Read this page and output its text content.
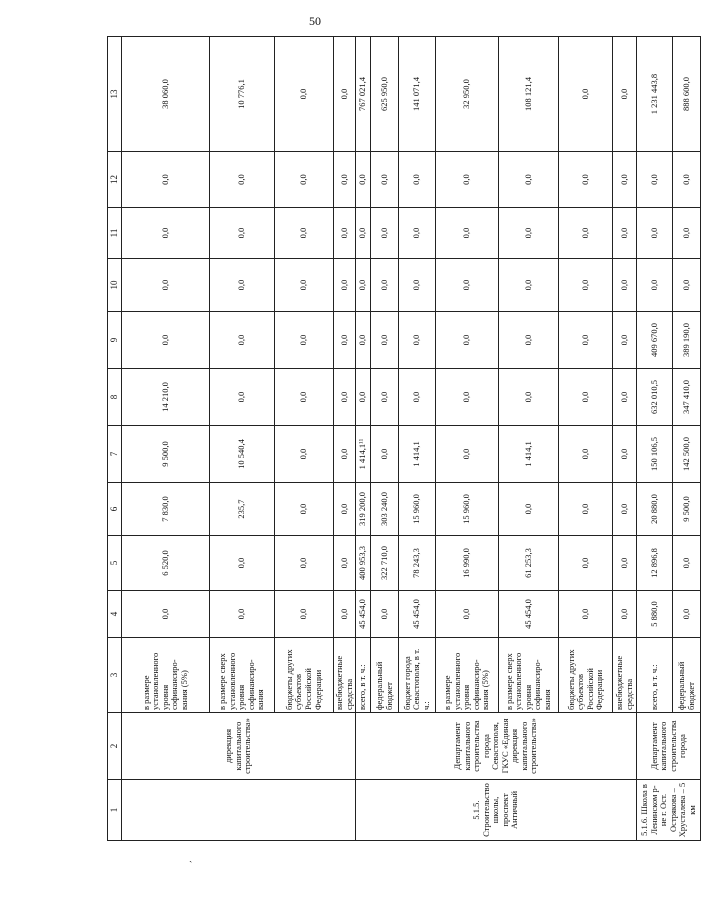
50
1	2	3	4	5	6	7	8	9	10	11	12	13
	дирекция капитального строительства»	в размере установленного уровня софинансиро-вания (5%)	0,0	6 520,0	7 830,0	9 500,0	14 210,0	0,0	0,0	0,0	0,0	38 060,0
		в размере сверх установленного уровня софинансиро-вания	0,0	0,0	235,7	10 540,4	0,0	0,0	0,0	0,0	0,0	10 776,1
		бюджеты других субъектов Российской Федерации	0,0	0,0	0,0	0,0	0,0	0,0	0,0	0,0	0,0	0,0
		внебюджетные средства	0,0	0,0	0,0	0,0	0,0	0,0	0,0	0,0	0,0	0,0
5.1.5. Строительство школы, проспект Античный	Департамент капитального строительства города Севастополя, ГКУС «Единая дирекция капитального строительства»	всего, в т. ч.:	45 454,0	400 953,3	319 200,0	1 414,1¹¹	0,0	0,0	0,0	0,0	0,0	767 021,4
		федеральный бюджет	0,0	322 710,0	303 240,0	0,0	0,0	0,0	0,0	0,0	0,0	625 950,0
		бюджет города Севастополя, в т. ч.:	45 454,0	78 243,3	15 960,0	1 414,1	0,0	0,0	0,0	0,0	0,0	141 071,4
		в размере установленного уровня софинансиро-вания (5%)	0,0	16 990,0	15 960,0	0,0	0,0	0,0	0,0	0,0	0,0	32 950,0
		в размере сверх установленного уровня софинансиро-вания	45 454,0	61 253,3	0,0	1 414,1	0,0	0,0	0,0	0,0	0,0	108 121,4
		бюджеты других субъектов Российской Федерации	0,0	0,0	0,0	0,0	0,0	0,0	0,0	0,0	0,0	0,0
		внебюджетные средства	0,0	0,0	0,0	0,0	0,0	0,0	0,0	0,0	0,0	0,0
5.1.6. Школа в Ленинском р-не г. Ост. Острякова – Хрусталева – 5 км	Департамент капитального строительства города	всего, в т. ч.:	5 880,0	12 896,8	20 880,0	150 106,5	632 010,5	409 670,0	0,0	0,0	0,0	1 231 443,8
		федеральный бюджет	0,0	0,0	9 500,0	142 500,0	347 410,0	389 190,0	0,0	0,0	0,0	888 600,0
ˏ
